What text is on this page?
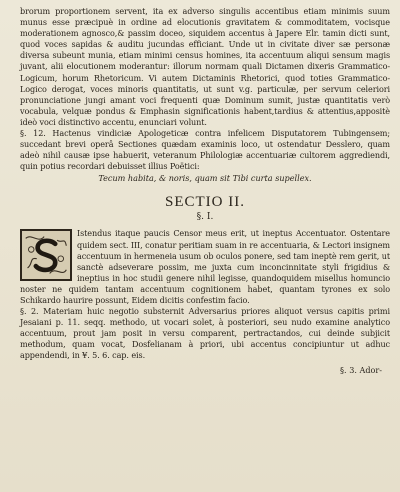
brorum proportionem servent, ita ex adverso singulis accentibus etiam minimis suum munus esse præcipuè in ordine ad elocutionis gravitatem & commoditatem, vocisque moderationem agnosco,& passim doceo, siquidem accentus à Japere Elr. tamin dicti sunt, quod voces sapidas & auditu jucundas efficiant. Unde ut in civitate diver sæ personæ diversa subeunt munia, etiam minimi census homines, ita accentuum aliqui sensum magis juvant, alii elocutionem moderantur: illorum normam quali Dictamen dixeris Grammatico-Logicum, horum Rhetoricum. Vi autem Dictaminis Rhetorici, quod toties Grammatico-Logico derogat, voces minoris quantitatis, ut sunt v.g. particulæ, per servum celeriori pronunciatione jungi amant voci frequenti quæ Dominum sumit, justæ quantitatis verò vocabula, velquæ pondus & Emphasin significationis habent,tardius & attentius,appositè ideò voci distinctivo accentu, enunciari volunt.
§. 12. Hactenus vindiciæ Apologeticæ contra infelicem Disputatorem Tubingensem; succedant brevi operâ Sectiones quædam examinis loco, ut ostendatur Desslero, quam adeò nihil causæ ipse habuerit, veteranum Philologiæ accentuariæ cultorem aggrediendi, quin potius recordari debuisset illius Poëtici:
Tecum habita, & noris, quam sit Tibi curta supellex.
SECTIO II.
§. I.
Istendus itaque paucis Censor meus erit, ut ineptus Accentuator. Ostentare quidem sect. III, conatur peritiam suam in re accentuaria, & Lectori insignem accentuum in hermeneia usum ob oculos ponere, sed tam ineptè rem gerit, ut sanctè adseverare possim, me juxta cum inconcinnitate styli frigidius & ineptius in hoc studii genere nihil legisse, quandoquidem misellus homuncio noster ne quidem tantam accentuum cognitionem habet, quantam tyrones ex solo Schikardo haurire possunt, Eidem dicitis confestim facio.
§. 2. Materiam huic negotio substernit Adversarius priores aliquot versus capitis primi Jesaiani p. 11. seqq. methodo, ut vocari solet, à posteriori, seu nudo examine analytico accentuum, prout jam posit in versu comparent, pertractandos, cui deinde subjicit methodum, quam vocat, Dosfelianam à priori, ubi accentus concipiuntur ut adhuc appendendi, in ¥. 5. 6. cap. eis.
§. 3. Ador-
